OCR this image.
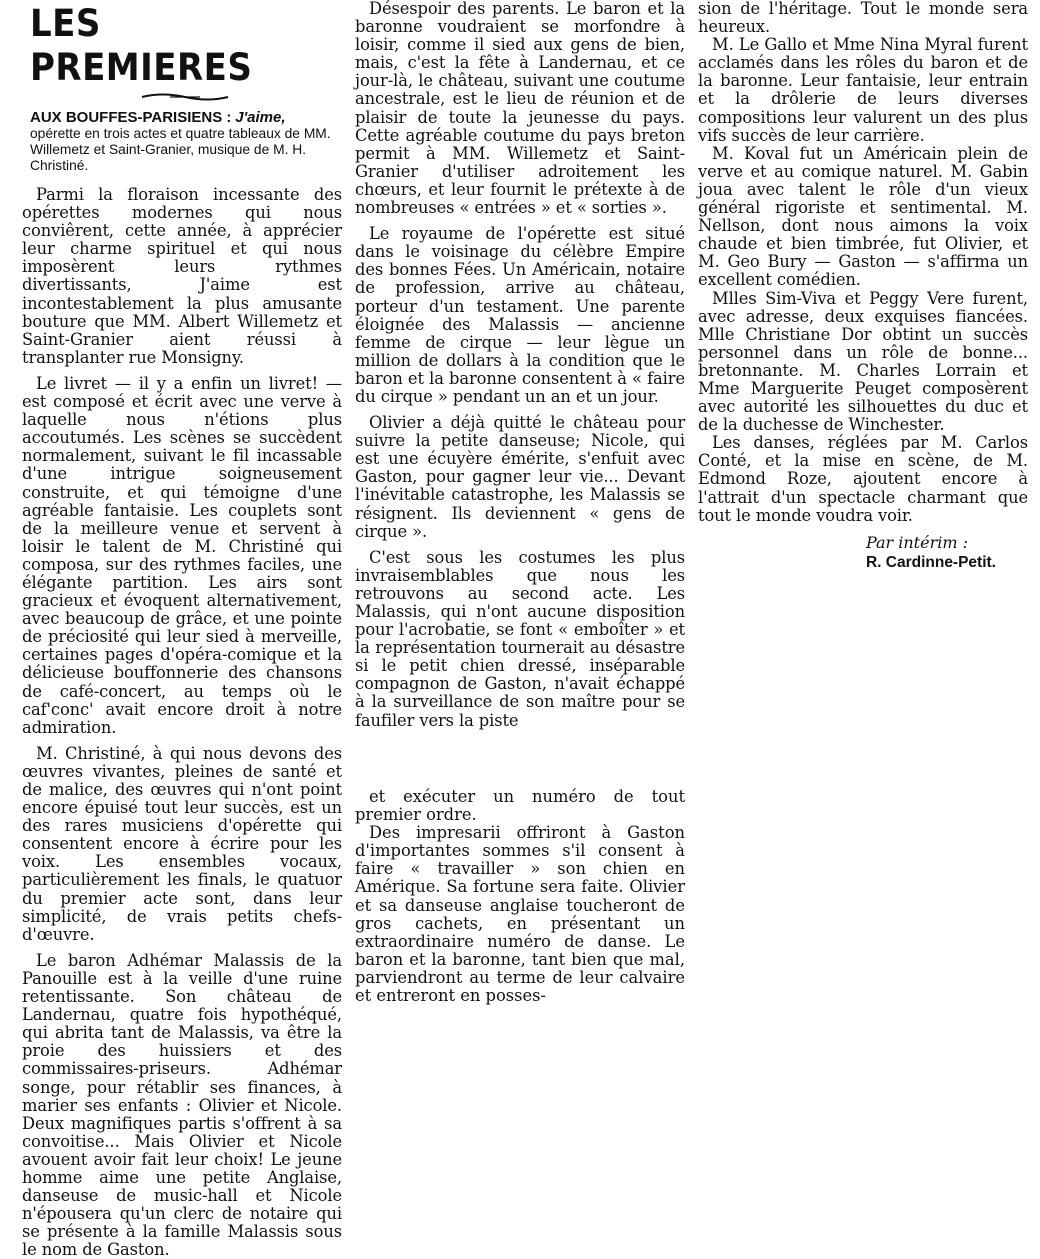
LES PREMIERES
AUX BOUFFES-PARISIENS : J'aime,
opérette en trois actes et quatre tableaux de MM. Willemetz et Saint-Granier, musique de M. H. Christiné.

Parmi la floraison incessante des opérettes modernes qui nous conviêrent, cette année, à apprécier leur charme spirituel et qui nous imposèrent leurs rythmes divertissants, J'aime est incontestablement la plus amusante bouture que MM. Albert Willemetz et Saint-Granier aient réussi à transplanter rue Monsigny.

Le livret — il y a enfin un livret! — est composé et écrit avec une verve à laquelle nous n'étions plus accoutumés. Les scènes se succèdent normalement, suivant le fil incassable d'une intrigue soigneusement construite, et qui témoigne d'une agréable fantaisie. Les couplets sont de la meilleure venue et servent à loisir le talent de M. Christiné qui composa, sur des rythmes faciles, une élégante partition. Les airs sont gracieux et évoquent alternativement, avec beaucoup de grâce, et une pointe de préciosité qui leur sied à merveille, certaines pages d'opéra-comique et la délicieuse bouffonnerie des chansons de café-concert, au temps où le caf'conc' avait encore droit à notre admiration.

M. Christiné, à qui nous devons des œuvres vivantes, pleines de santé et de malice, des œuvres qui n'ont point encore épuisé tout leur succès, est un des rares musiciens d'opérette qui consentent encore à écrire pour les voix. Les ensembles vocaux, particulièrement les finals, le quatuor du premier acte sont, dans leur simplicité, de vrais petits chefs-d'œuvre.

Le baron Adhémar Malassis de la Panouille est à la veille d'une ruine retentissante. Son château de Landernau, quatre fois hypothéqué, qui abrita tant de Malassis, va être la proie des huissiers et des commissaires-priseurs. Adhémar songe, pour rétablir ses finances, à marier ses enfants : Olivier et Nicole. Deux magnifiques partis s'offrent à sa convoitise... Mais Olivier et Nicole avouent avoir fait leur choix! Le jeune homme aime une petite Anglaise, danseuse de music-hall et Nicole n'épousera qu'un clerc de notaire qui se présente à la famille Malassis sous le nom de Gaston.

Désespoir des parents. Le baron et la baronne voudraient se morfondre à loisir, comme il sied aux gens de bien, mais, c'est la fête à Landernau, et ce jour-là, le château, suivant une coutume ancestrale, est le lieu de réunion et de plaisir de toute la jeunesse du pays. Cette agréable coutume du pays breton permit à MM. Willemetz et Saint-Granier d'utiliser adroitement les chœurs, et leur fournit le prétexte à de nombreuses « entrées » et « sorties ».

Le royaume de l'opérette est situé dans le voisinage du célèbre Empire des bonnes Fées. Un Américain, notaire de profession, arrive au château, porteur d'un testament. Une parente éloignée des Malassis — ancienne femme de cirque — leur lègue un million de dollars à la condition que le baron et la baronne consentent à « faire du cirque » pendant un an et un jour.

Olivier a déjà quitté le château pour suivre la petite danseuse; Nicole, qui est une écuyère émérite, s'enfuit avec Gaston, pour gagner leur vie... Devant l'inévitable catastrophe, les Malassis se résignent. Ils deviennent « gens de cirque ».

C'est sous les costumes les plus invraisemblables que nous les retrouvons au second acte. Les Malassis, qui n'ont aucune disposition pour l'acrobatie, se font « emboîter » et la représentation tournerait au désastre si le petit chien dressé, inséparable compagnon de Gaston, n'avait échappé à la surveillance de son maître pour se faufiler vers la piste

et exécuter un numéro de tout premier ordre.

Des impresarii offriront à Gaston d'importantes sommes s'il consent à faire « travailler » son chien en Amérique. Sa fortune sera faite. Olivier et sa danseuse anglaise toucheront de gros cachets, en présentant un extraordinaire numéro de danse. Le baron et la baronne, tant bien que mal, parviendront au terme de leur calvaire et entreront en posses-

sion de l'héritage. Tout le monde sera heureux.

M. Le Gallo et Mme Nina Myral furent acclamés dans les rôles du baron et de la baronne. Leur fantaisie, leur entrain et la drôlerie de leurs diverses compositions leur valurent un des plus vifs succès de leur carrière.

M. Koval fut un Américain plein de verve et au comique naturel. M. Gabin joua avec talent le rôle d'un vieux général rigoriste et sentimental. M. Nellson, dont nous aimons la voix chaude et bien timbrée, fut Olivier, et M. Geo Bury — Gaston — s'affirma un excellent comédien.

Mlles Sim-Viva et Peggy Vere furent, avec adresse, deux exquises fiancées. Mlle Christiane Dor obtint un succès personnel dans un rôle de bonne... bretonnante. M. Charles Lorrain et Mme Marguerite Peuget composèrent avec autorité les silhouettes du duc et de la duchesse de Winchester.

Les danses, réglées par M. Carlos Conté, et la mise en scène, de M. Edmond Roze, ajoutent encore à l'attrait d'un spectacle charmant que tout le monde voudra voir.

Par intérim :
R. Cardinne-Petit.
